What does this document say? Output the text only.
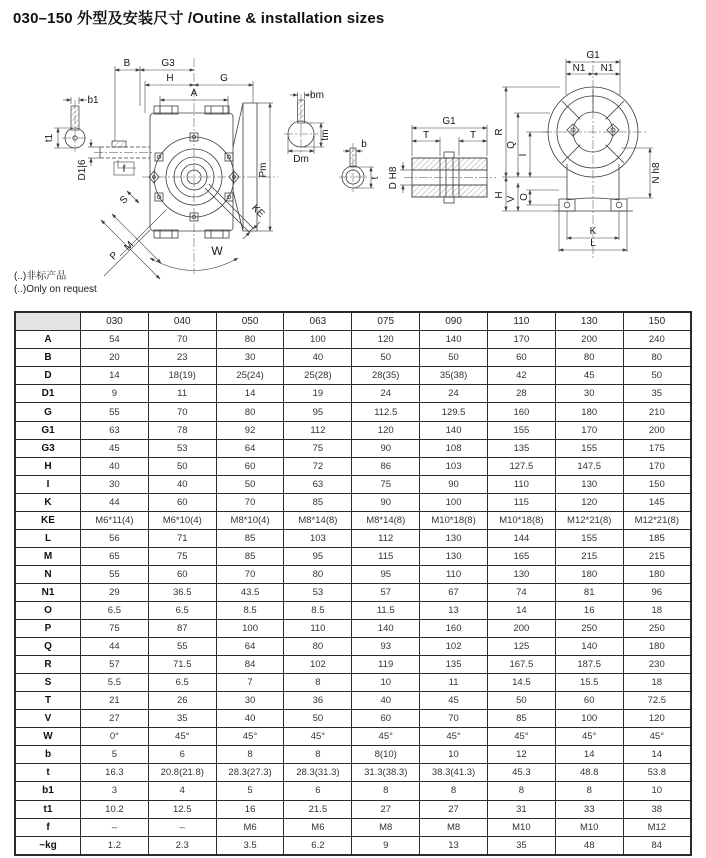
030–150 外型及安装尺寸 /Outine & installation sizes
b1
t1
Pm
D1|6	f
B	G3
H	G
A
S
M
P	W
KE
bm
tm
Dm
b
t
G1
T	T
D H8
G1
N1 N1
R
Q
I
H
V O
N h8
K
L
(..)非标产品
(..)Only on request
	030	040	050	063	075	090	110	130	150
A	54	70	80	100	120	140	170	200	240
B	20	23	30	40	50	50	60	80	80
D	14	18(19)	25(24)	25(28)	28(35)	35(38)	42	45	50
D1	9	11	14	19	24	24	28	30	35
G	55	70	80	95	112.5	129.5	160	180	210
G1	63	78	92	112	120	140	155	170	200
G3	45	53	64	75	90	108	135	155	175
H	40	50	60	72	86	103	127.5	147.5	170
I	30	40	50	63	75	90	110	130	150
K	44	60	70	85	90	100	115	120	145
KE	M6*11(4)	M6*10(4)	M8*10(4)	M8*14(8)	M8*14(8)	M10*18(8)	M10*18(8)	M12*21(8)	M12*21(8)
L	56	71	85	103	112	130	144	155	185
M	65	75	85	95	115	130	165	215	215
N	55	60	70	80	95	110	130	180	180
N1	29	36.5	43.5	53	57	67	74	81	96
O	6.5	6.5	8.5	8.5	11.5	13	14	16	18
P	75	87	100	110	140	160	200	250	250
Q	44	55	64	80	93	102	125	140	180
R	57	71.5	84	102	119	135	167.5	187.5	230
S	5.5	6.5	7	8	10	11	14.5	15.5	18
T	21	26	30	36	40	45	50	60	72.5
V	27	35	40	50	60	70	85	100	120
W	0°	45°	45°	45°	45°	45°	45°	45°	45°
b	5	6	8	8	8(10)	10	12	14	14
t	16.3	20.8(21.8)	28.3(27.3)	28.3(31.3)	31.3(38.3)	38.3(41.3)	45.3	48.8	53.8
b1	3	4	5	6	8	8	8	8	10
t1	10.2	12.5	16	21.5	27	27	31	33	38
f	–	–	M6	M6	M8	M8	M10	M10	M12
~kg	1.2	2.3	3.5	6.2	9	13	35	48	84
